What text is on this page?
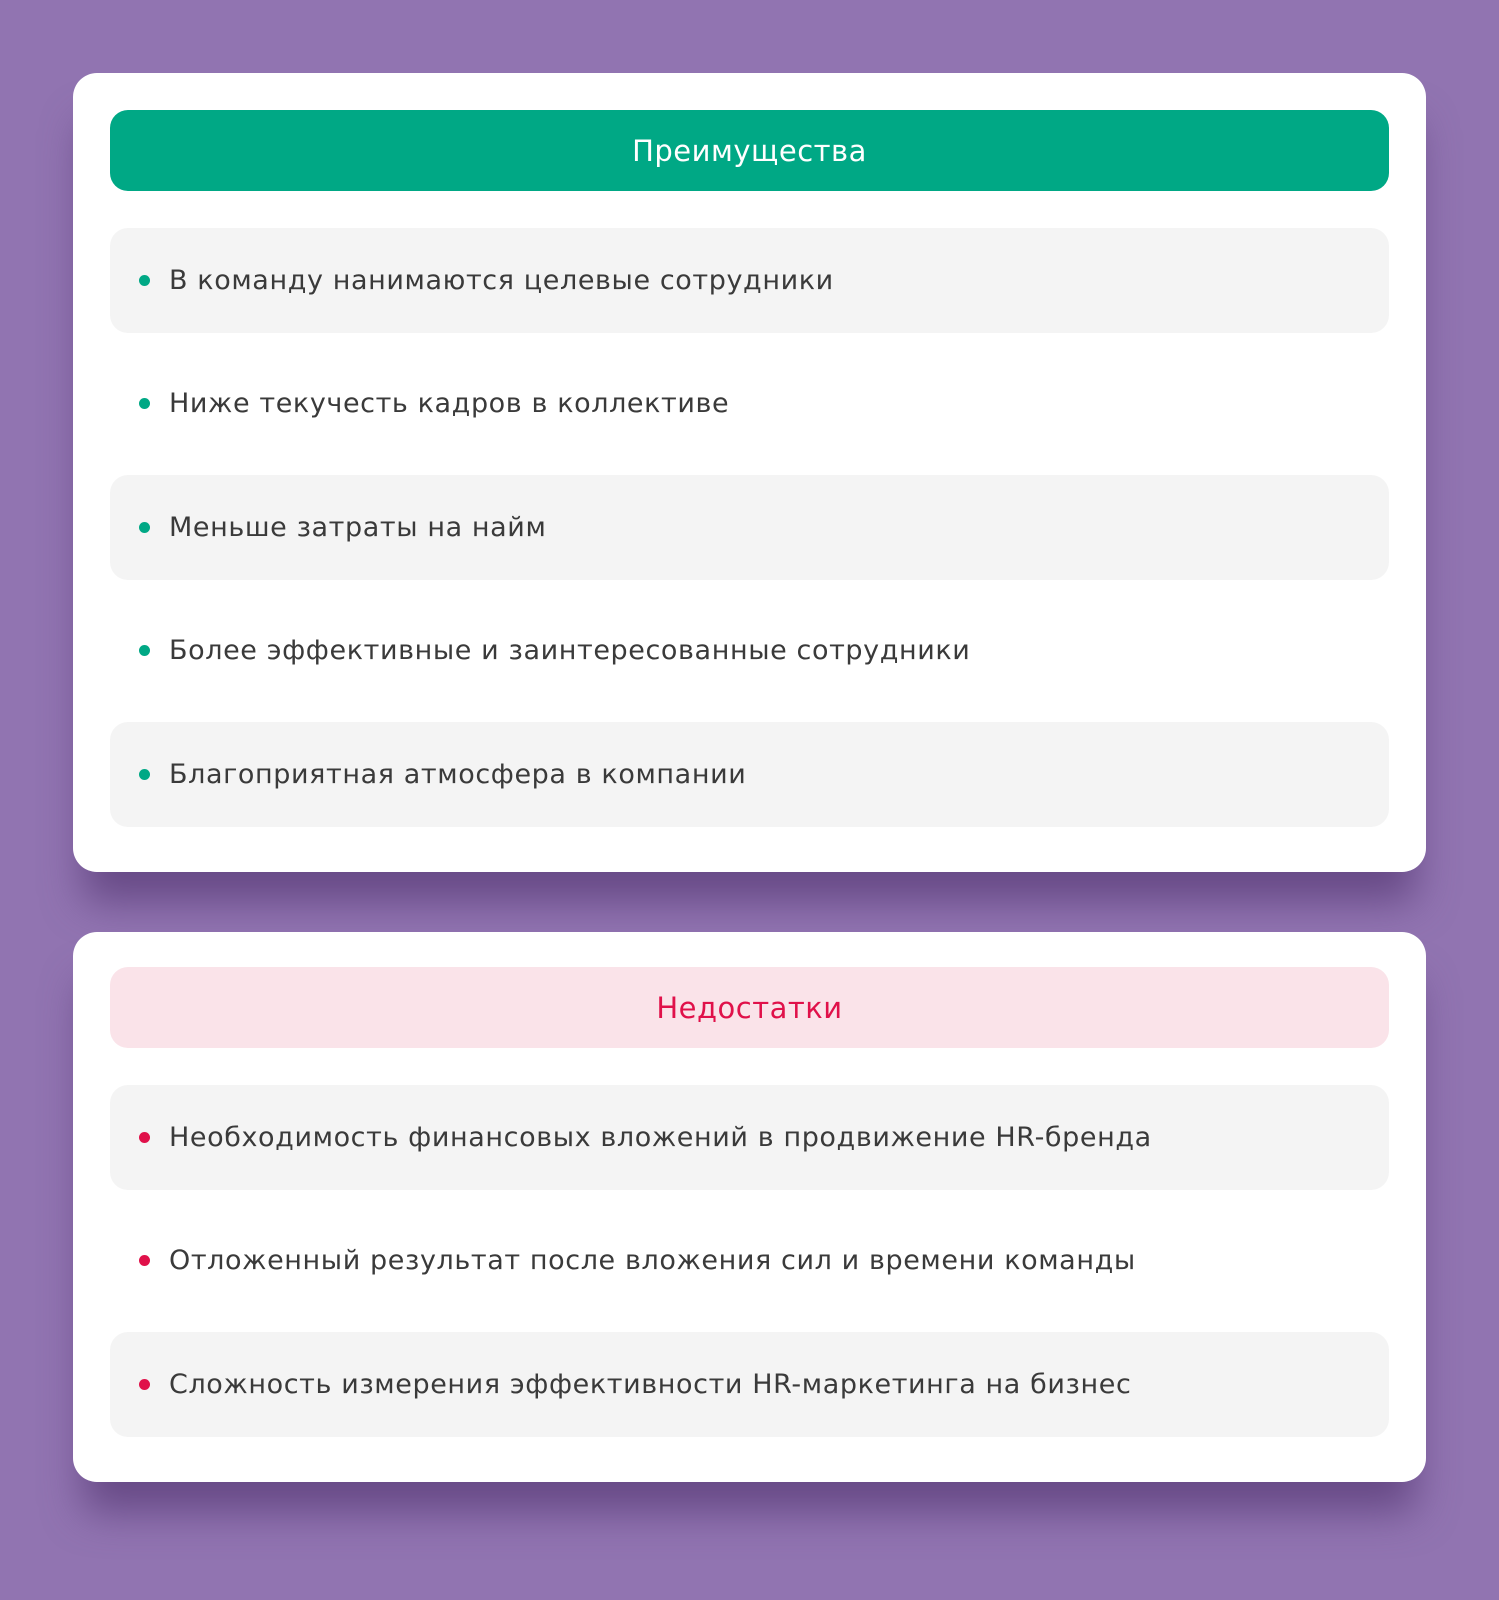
Преимущества
В команду нанимаются целевые сотрудники
Ниже текучесть кадров в коллективе
Меньше затраты на найм
Более эффективные и заинтересованные сотрудники
Благоприятная атмосфера в компании
Недостатки
Необходимость финансовых вложений в продвижение HR-бренда
Отложенный результат после вложения сил и времени команды
Сложность измерения эффективности HR-маркетинга на бизнес
